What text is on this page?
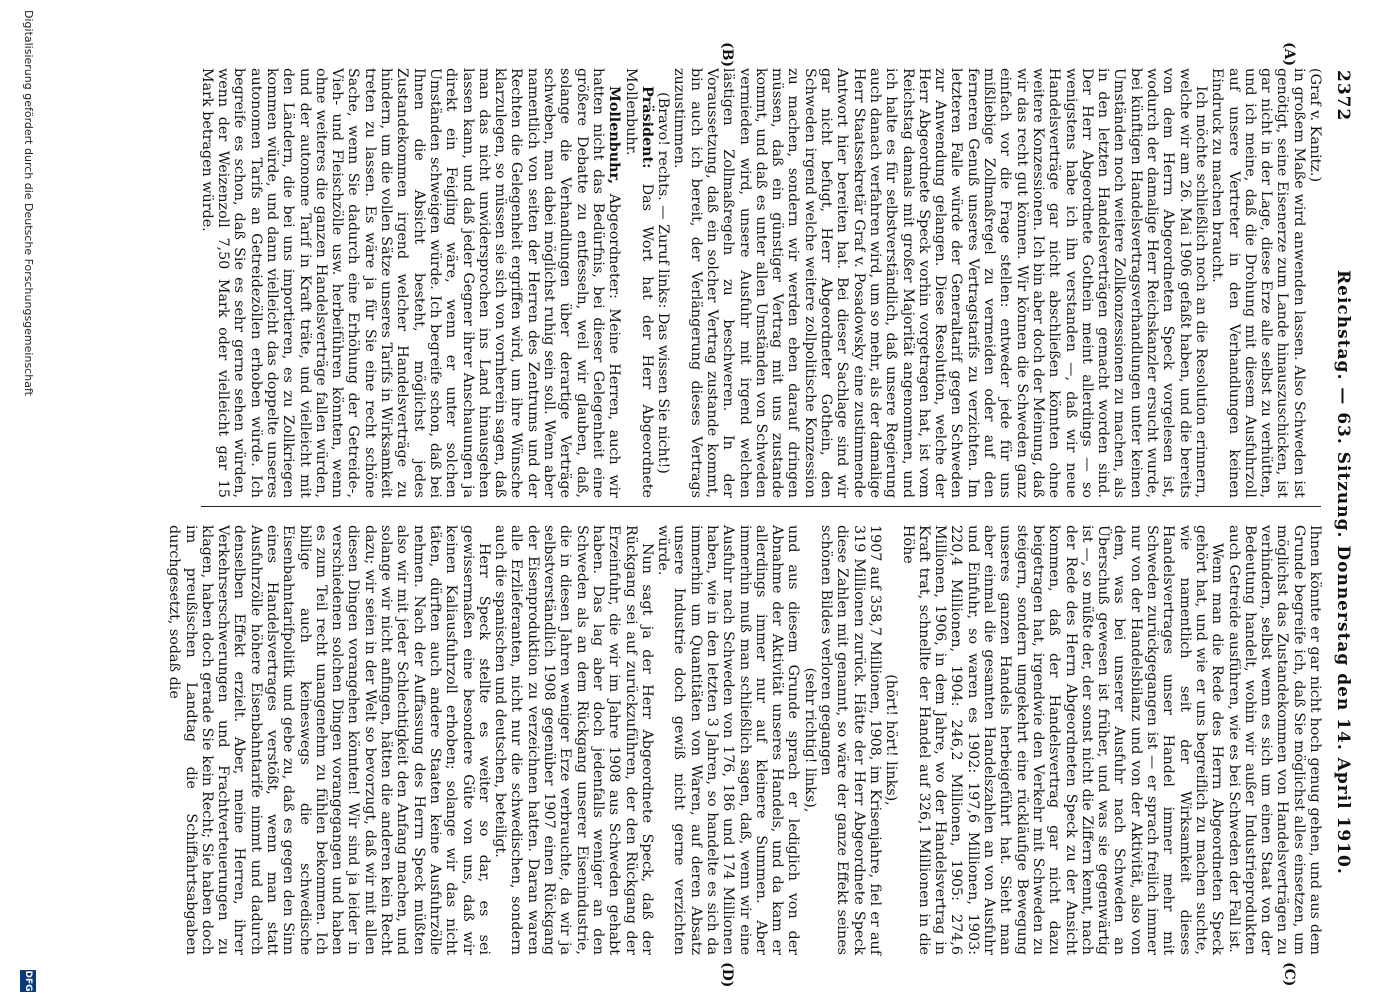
2372
Reichstag. — 63. Sitzung. Donnerstag den 14. April 1910.
(A)
(B)
(C)
(D)

(Graf v. Kanitz.)

in großem Maße wird anwenden lassen. Also Schweden ist genötigt, seine Eisenerze zum Lande hinauszuschicken, ist gar nicht in der Lage, diese Erze alle selbst zu verhütten, und ich meine, daß die Drohung mit diesem Ausfuhrzoll auf unsere Vertreter in den Verhandlungen keinen Eindruck zu machen braucht.

Ich möchte schließlich noch an die Resolution erinnern, welche wir am 26. Mai 1906 gefaßt haben, und die bereits von dem Herrn Abgeordneten Speck vorgelesen ist, wodurch der damalige Herr Reichskanzler ersucht wurde, bei künftigen Handelsvertragsverhandlungen unter keinen Umständen noch weitere Zollkonzessionen zu machen, als in den letzten Handelsverträgen gemacht worden sind. Der Herr Abgeordnete Gothein meint allerdings — so wenigstens habe ich ihn verstanden —, daß wir neue Handelsverträge gar nicht abschließen könnten ohne weitere Konzessionen. Ich bin aber doch der Meinung, daß wir das recht gut können. Wir können die Schweden ganz einfach vor die Frage stellen: entweder jede für uns mißliebige Zollmaßregel zu vermeiden oder auf den ferneren Genuß unseres Vertragstarifs zu verzichten. Im letzteren Falle würde der Generaltarif gegen Schweden zur Anwendung gelangen. Diese Resolution, welche der Herr Abgeordnete Speck vorhin vorgetragen hat, ist vom Reichstag damals mit großer Majorität angenommen, und ich halte es für selbstverständlich, daß unsere Regierung auch danach verfahren wird, um so mehr, als der damalige Herr Staatssekretär Graf v. Posadowsky eine zustimmende Antwort hier bereiten hat. Bei dieser Sachlage sind wir gar nicht befugt, Herr Abgeordneter Gothein, den Schweden irgend welche weitere zollpolitische Konzession zu machen, sondern wir werden eben darauf dringen müssen, daß ein günstiger Vertrag mit uns zustande kommt, und daß es unter allen Umständen von Schweden vermieden wird, unsere Ausfuhr mit irgend welchen lästigen Zollmaßregeln zu beschweren. In der Voraussetzung, daß ein solcher Vertrag zustande kommt, bin auch ich bereit, der Verlängerung dieses Vertrags zuzustimmen.

(Bravo! rechts. — Zuruf links: Das wissen Sie nicht!)

Präsident: Das Wort hat der Herr Abgeordnete Mollenbuhr.

Mollenbuhr, Abgeordneter: Meine Herren, auch wir hatten nicht das Bedürfnis, bei dieser Gelegenheit eine größere Debatte zu entfesseln, weil wir glauben, daß, solange die Verhandlungen über derartige Verträge schweben, man dabei möglichst ruhig sein soll. Wenn aber namentlich von seiten der Herren des Zentrums und der Rechten die Gelegenheit ergriffen wird, um ihre Wünsche klarzulegen, so müssen sie sich von vornherein sagen, daß man das nicht unwidersprochen ins Land hinausgehen lassen kann, und daß jeder Gegner ihrer Anschauungen ja direkt ein Feigling wäre, wenn er unter solchen Umständen schweigen würde. Ich begreife schon, daß bei Ihnen die Absicht besteht, möglichst jedes Zustandekommen irgend welcher Handelsverträge zu hindern, um die vollen Sätze unseres Tarifs in Wirksamkeit treten zu lassen. Es wäre ja für Sie eine recht schöne Sache, wenn Sie dadurch eine Erhöhung der Getreide-, Vieh- und Fleischzölle usw. herbeiführen könnten, wenn ohne weiteres die ganzen Handelsverträge fallen würden, und der autonome Tarif in Kraft träte, und vielleicht mit den Ländern, die bei uns importieren, es zu Zollkriegen kommen würde, und dann vielleicht das doppelte unseres autonomen Tarifs an Getreidezöllen erhoben würde. Ich begreife es schon, daß Sie es sehr gerne sehen würden, wenn der Weizenzoll 7,50 Mark oder vielleicht gar 15 Mark betragen würde.

Ihnen könnte er gar nicht hoch genug gehen, und aus dem Grunde begreife ich, daß Sie möglichst alles einsetzen, um möglichst das Zustandekommen von Handelsverträgen zu verhindern, selbst wenn es sich um einen Staat von der Bedeutung handelt, wohin wir außer Industrieprodukten auch Getreide ausführen, wie es bei Schweden der Fall ist.

Wenn man die Rede des Herrn Abgeordneten Speck gehört hat, und wie er uns begreiflich zu machen suchte, wie namentlich seit der Wirksamkeit dieses Handelsvertrages unser Handel immer mehr mit Schweden zurückgegangen ist — er sprach freilich immer nur von der Handelsbilanz und von der Aktivität, also von dem, was bei unserer Ausfuhr nach Schweden an Überschuß gewesen ist früher, und was sie gegenwärtig ist —, so müßte der, der sonst nicht die Ziffern kennt, nach der Rede des Herrn Abgeordneten Speck zu der Ansicht kommen, daß der Handelsvertrag gar nicht dazu beigetragen hat, irgendwie den Verkehr mit Schweden zu steigern, sondern umgekehrt eine rückläufige Bewegung unseres ganzen Handels herbeigeführt hat. Sieht man aber einmal die gesamten Handelszahlen an von Ausfuhr und Einfuhr, so waren es 1902: 197,6 Millionen, 1903: 220,4 Millionen, 1904: 246,2 Millionen, 1905: 274,6 Millionen, 1906, in dem Jahre, wo der Handelsvertrag in Kraft trat, schnellte der Handel auf 326,1 Millionen in die Höhe

(hört! hört! links),

1907 auf 358,7 Millionen, 1908, im Krisenjahre, fiel er auf 319 Millionen zurück. Hätte der Herr Abgeordnete Speck diese Zahlen mit genannt, so wäre der ganze Effekt seines schönen Bildes verloren gegangen

(sehr richtig! links),

und aus diesem Grunde sprach er lediglich von der Abnahme der Aktivität unseres Handels, und da kam er allerdings immer nur auf kleinere Summen. Aber immerhin muß man schließlich sagen, daß, wenn wir eine Ausfuhr nach Schweden von 176, 186 und 174 Millionen haben, wie in den letzten 3 Jahren, so handelte es sich da immerhin um Quantitäten von Waren, auf deren Absatz unsere Industrie doch gewiß nicht gerne verzichten würde.

Nun sagt ja der Herr Abgeordnete Speck, daß der Rückgang sei auf zurückzuführen, der den Rückgang der Erzeinfuhr, die wir im Jahre 1908 aus Schweden gehabt haben. Das lag aber doch jedenfalls weniger an den Schweden als an dem Rückgang unserer Eisenindustrie, die in diesen Jahren weniger Erze verbrauchte, da wir ja selbstverständlich 1908 gegenüber 1907 einen Rückgang der Eisenproduktion zu verzeichnen hatten. Daran waren alle Erzlieferanten, nicht nur die schwedischen, sondern auch die spanischen und deutschen, beteiligt.

Herr Speck stellte es weiter so dar, es sei gewissermaßen eine besondere Güte von uns, daß wir keinen Kaliausfuhrzoll erhoben; solange wir das nicht täten, dürften auch andere Staaten keine Ausfuhrzölle nehmen. Nach der Auffassung des Herrn Speck müßten also wir mit jeder Schlechtigkeit den Anfang machen, und solange wir nicht anfingen, hätten die anderen kein Recht dazu; wir seien in der Welt so bevorzugt, daß wir mit allen diesen Dingen vorangehen könnten! Wir sind ja leider in verschiedenen solchen Dingen vorangegangen und haben es zum Teil recht unangenehm zu fühlen bekommen. Ich billige auch keineswegs die schwedische Eisenbahntarifpolitik und gebe zu, daß es gegen den Sinn eines Handelsvertrages verstößt, wenn man statt Ausfuhrzölle höhere Eisenbahntarife nimmt und dadurch denselben Effekt erzielt. Aber, meine Herren, ihrer Verkehrserschwerungen und Frachtverteuerungen zu klagen, haben doch gerade Sie kein Recht; Sie haben doch im preußischen Landtag die Schiffahrtsabgaben durchgesetzt, sodaß die

Digitalisierung gefördert durch die Deutsche Forschungsgemeinschaft
DFG
